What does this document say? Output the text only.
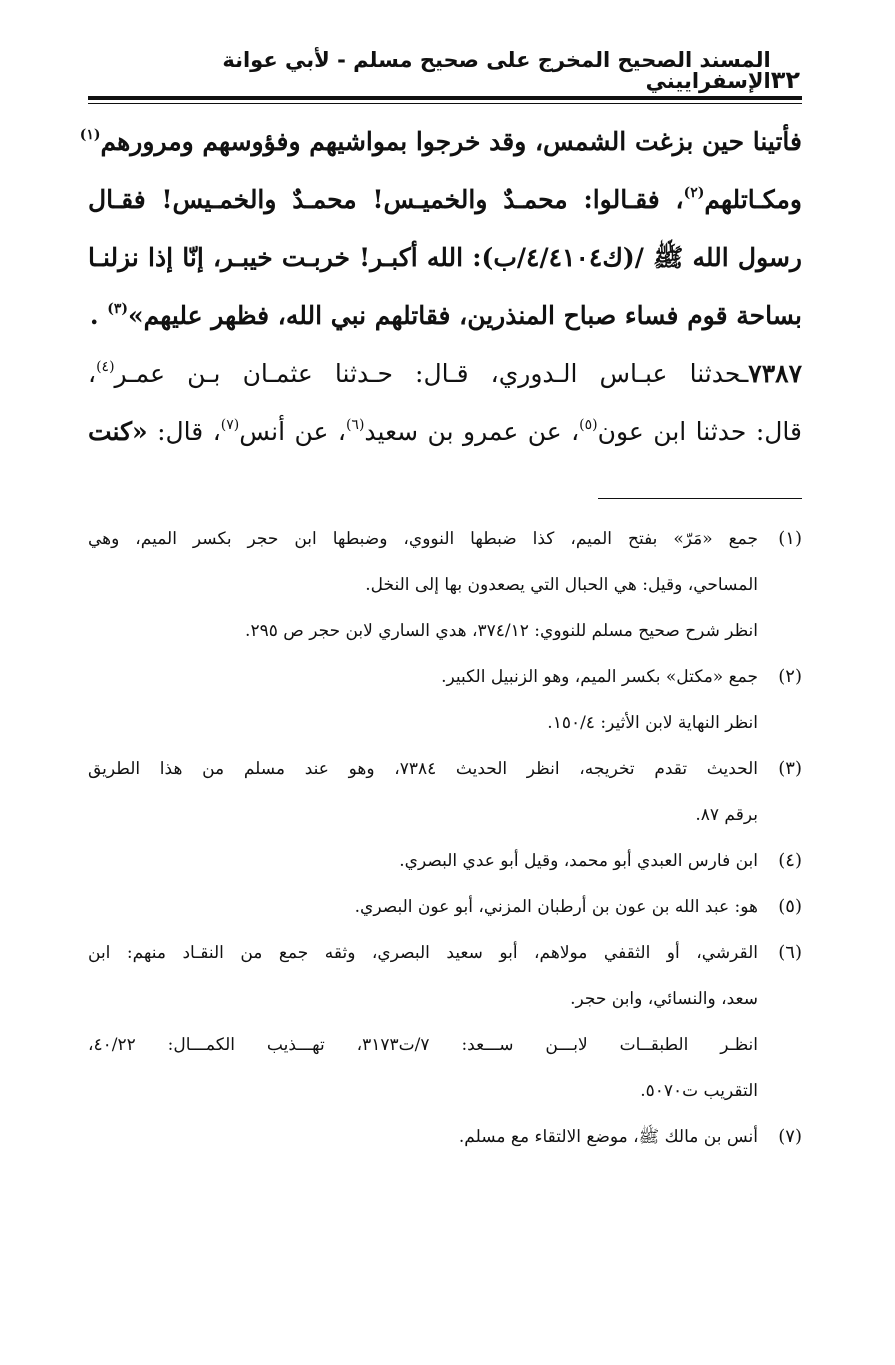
٣٢
المسند الصحيح المخرج على صحيح مسلم - لأبي عوانة الإسفراييني
فأتينا حين بزغت الشمس، وقد خرجوا بمواشيهم وفؤوسهم ومرورهم$^{(١)}$
ومكـاتلهم$^{(٢)}$، فقـالوا: محمـدٌ والخميـس! محمـدٌ والخمـيس! فقـال
رسول الله ﷺ /(ك٤/٤١٠٤/ب): الله أكبـر! خربـت خيبـر، إنّا إذا نزلنـا
بساحة قوم فساء صباح المنذرين، فقاتلهم نبي الله، فظهر عليهم»$^{(٣)}$ .
٧٣٨٧ـحدثنا عبـاس الـدوري، قـال: حـدثنا عثمـان بـن عمـر$^{(٤)}$،
قال: حدثنا ابن عون$^{(٥)}$، عن عمرو بن سعيد$^{(٦)}$، عن أنس$^{(٧)}$، قال: «كنت
(١)
جمع «مَرّ» بفتح الميم، كذا ضبطها النووي، وضبطها ابن حجر بكسر الميم، وهي
المساحي، وقيل: هي الحبال التي يصعدون بها إلى النخل.
انظر شرح صحيح مسلم للنووي: ٣٧٤/١٢، هدي الساري لابن حجر ص ٢٩٥.
(٢)
جمع «مكتل» بكسر الميم، وهو الزنبيل الكبير.
انظر النهاية لابن الأثير: ١٥٠/٤.
(٣)
الحديث تقدم تخريجه، انظر الحديث ٧٣٨٤، وهو عند مسلم من هذا الطريق
برقم ٨٧.
(٤)
ابن فارس العبدي أبو محمد، وقيل أبو عدي البصري.
(٥)
هو: عبد الله بن عون بن أرطبان المزني، أبو عون البصري.
(٦)
القرشي، أو الثقفي مولاهم، أبو سعيد البصري، وثقه جمع من النقـاد منهم: ابن
سعد، والنسائي، وابن حجر.
انظـر الطبقــات لابـــن ســـعد: ٧/ت٣١٧٣، تهـــذيب الكمـــال: ٤٠/٢٢،
التقريب ت٥٠٧٠.
(٧)
أنس بن مالك ﷺ، موضع الالتقاء مع مسلم.
